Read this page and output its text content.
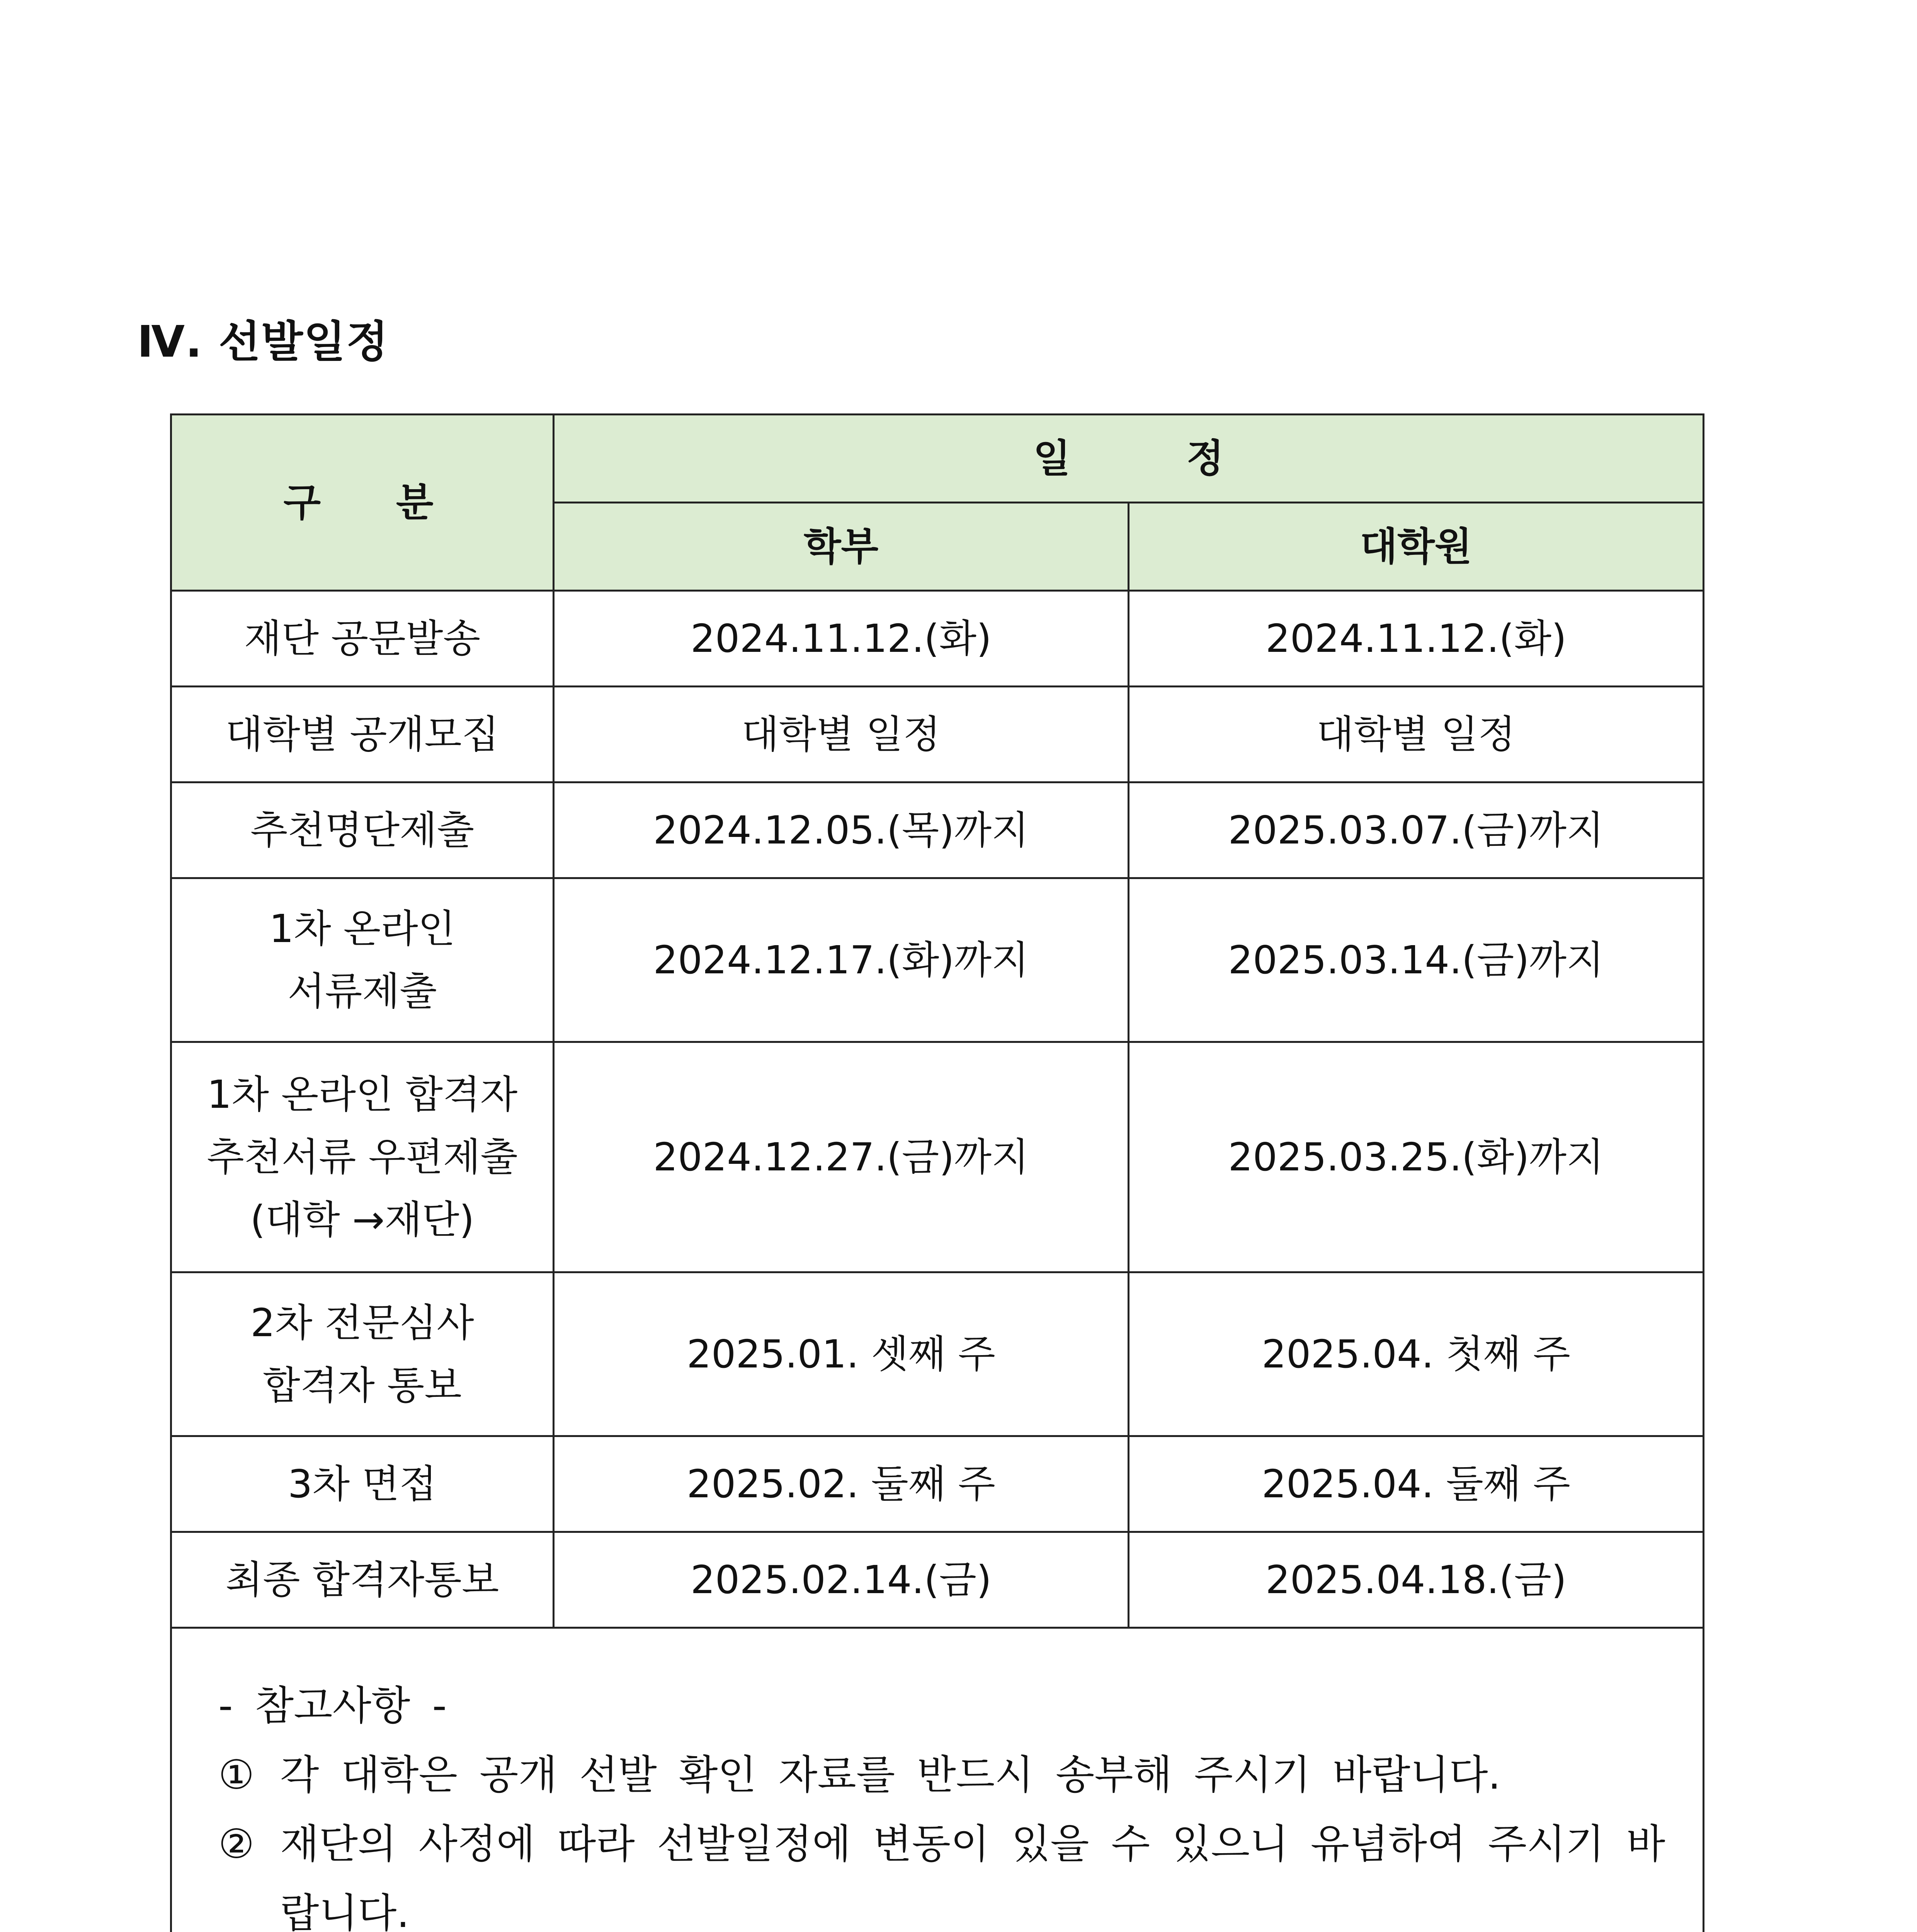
Ⅳ. 선발일정
구 분	일 정	
	학부	대학원
재단 공문발송	2024.11.12.(화)	2024.11.12.(화)
대학별 공개모집	대학별 일정	대학별 일정
추천명단제출	2024.12.05.(목)까지	2025.03.07.(금)까지
1차 온라인
서류제출	2024.12.17.(화)까지	2025.03.14.(금)까지
1차 온라인 합격자
추천서류 우편제출
(대학 →재단)	2024.12.27.(금)까지	2025.03.25.(화)까지
2차 전문심사
합격자 통보	2025.01. 셋째 주	2025.04. 첫째 주
3차 면접	2025.02. 둘째 주	2025.04. 둘째 주
최종 합격자통보	2025.02.14.(금)	2025.04.18.(금)

- 참고사항 -
① 각 대학은 공개 선발 확인 자료를 반드시 송부해 주시기 바랍니다.
② 재단의 사정에 따라 선발일정에 변동이 있을 수 있으니 유념하여 주시기 바랍니다.		
